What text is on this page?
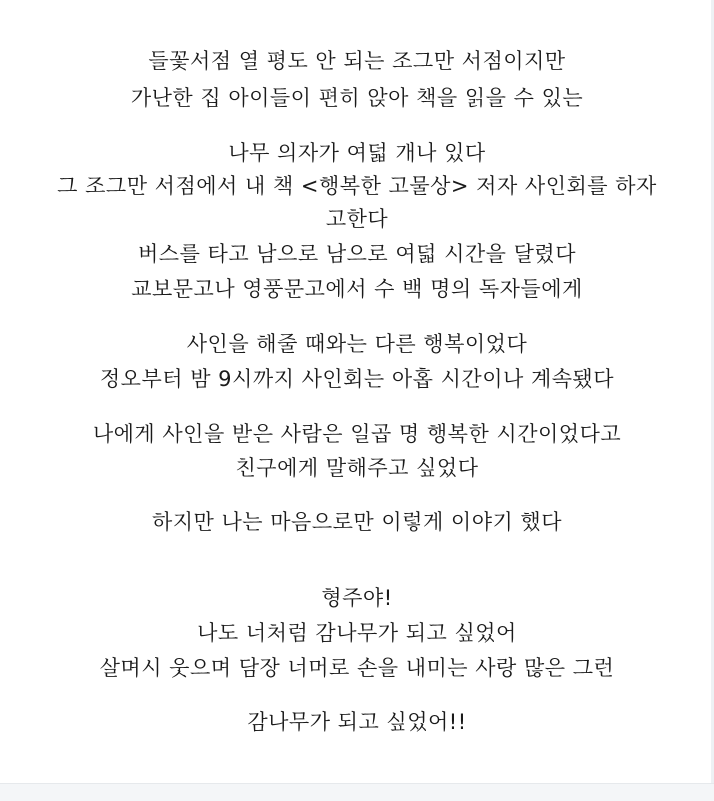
들꽃서점 열 평도 안 되는 조그만 서점이지만
가난한 집 아이들이 편히 앉아 책을 읽을 수 있는
나무 의자가 여덟 개나 있다
그 조그만 서점에서 내 책 <행복한 고물상> 저자 사인회를 하자
고한다
버스를 타고 남으로 남으로 여덟 시간을 달렸다
교보문고나 영풍문고에서 수 백 명의 독자들에게
사인을 해줄 때와는 다른 행복이었다
정오부터 밤 9시까지 사인회는 아홉 시간이나 계속됐다
나에게 사인을 받은 사람은 일곱 명 행복한 시간이었다고
친구에게 말해주고 싶었다
하지만 나는 마음으로만 이렇게 이야기 했다
형주야!
나도 너처럼 감나무가 되고 싶었어
살며시 웃으며 담장 너머로 손을 내미는 사랑 많은 그런
감나무가 되고 싶었어!!
